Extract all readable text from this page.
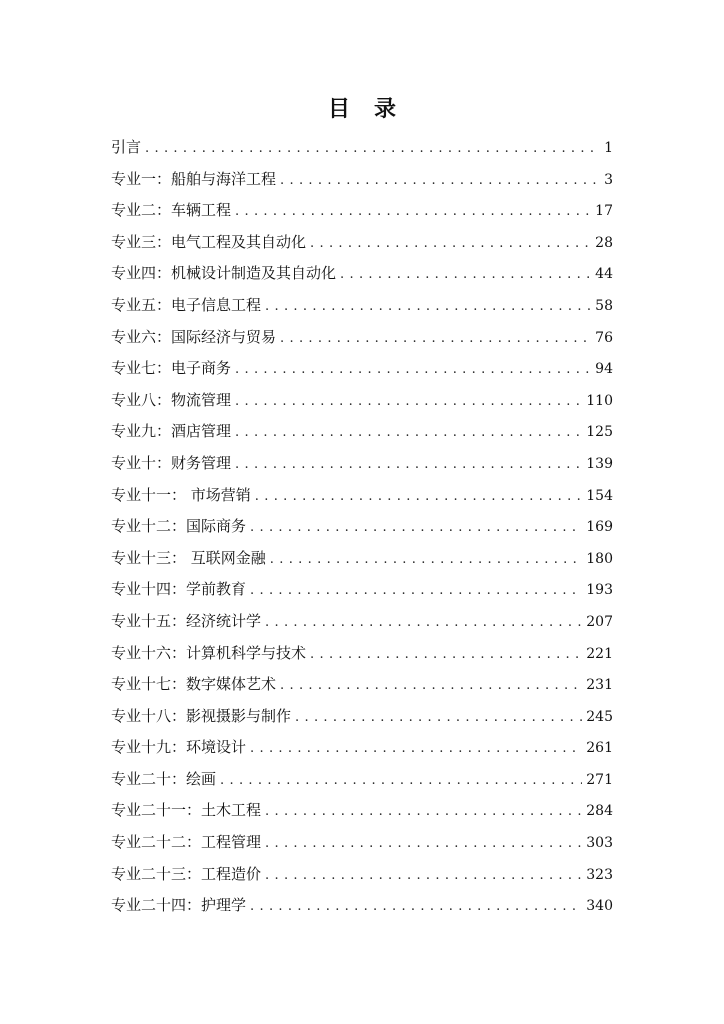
目 录
引言 . . .	1
专业一：船舶与海洋工程 . . .	3
专业二：车辆工程 . . .	17
专业三：电气工程及其自动化 . . .	28
专业四：机械设计制造及其自动化 . . .	44
专业五：电子信息工程 . . .	58
专业六：国际经济与贸易 . . .	76
专业七：电子商务 . . .	94
专业八：物流管理 . . .	110
专业九：酒店管理 . . .	125
专业十：财务管理 . . .	139
专业十一： 市场营销 . . .	154
专业十二：国际商务 . . .	169
专业十三： 互联网金融 . . .	180
专业十四：学前教育 . . .	193
专业十五：经济统计学 . . .	207
专业十六：计算机科学与技术 . . .	221
专业十七：数字媒体艺术 . . .	231
专业十八：影视摄影与制作 . . .	245
专业十九：环境设计 . . .	261
专业二十：绘画 . . .	271
专业二十一：土木工程 . . .	284
专业二十二：工程管理 . . .	303
专业二十三：工程造价 . . .	323
专业二十四：护理学 . . .	340
